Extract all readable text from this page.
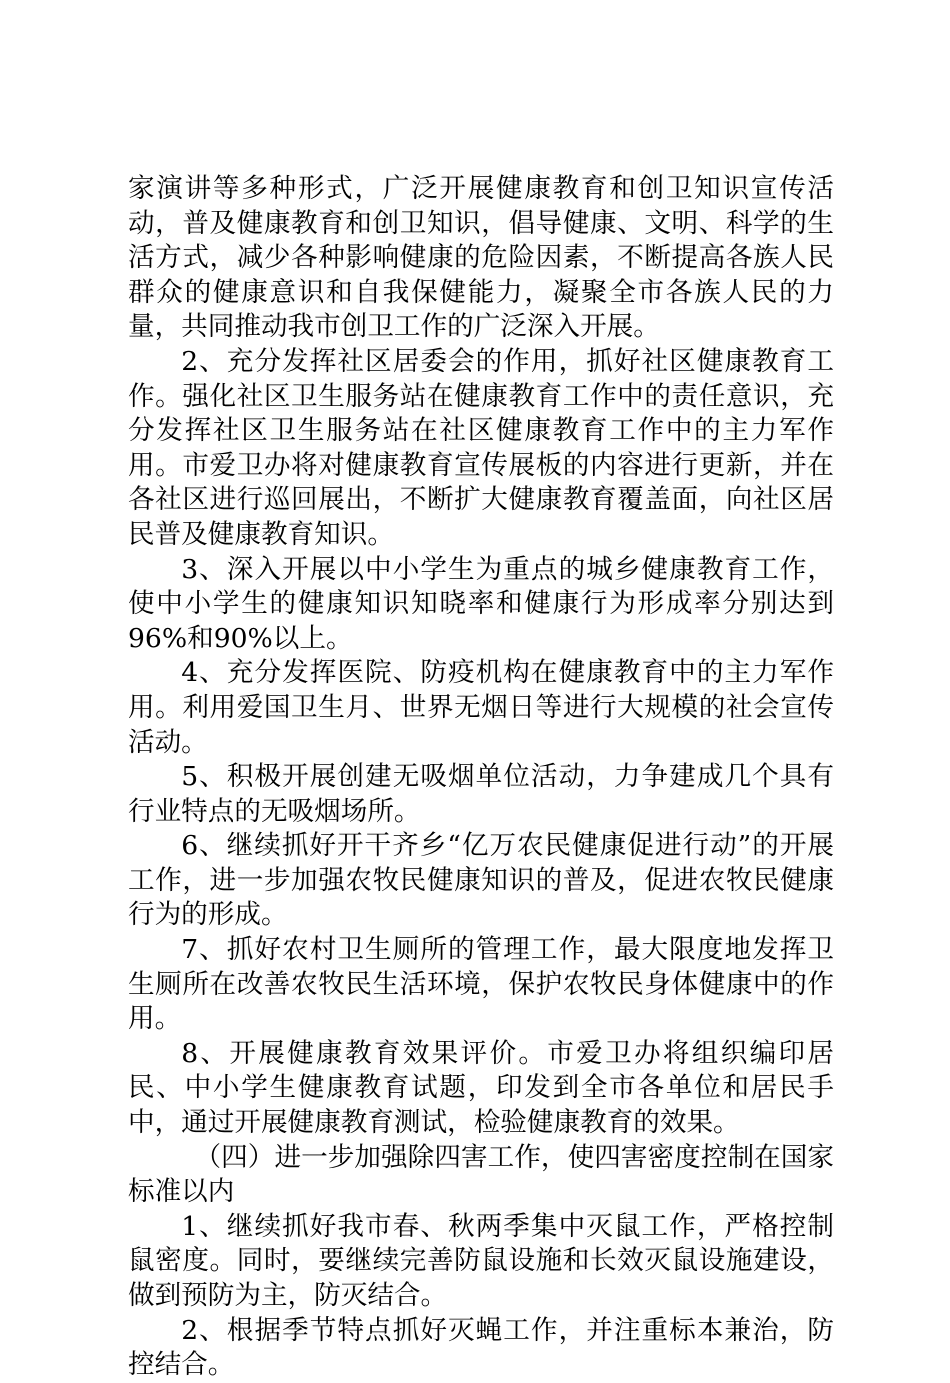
家演讲等多种形式，广泛开展健康教育和创卫知识宣传活动，普及健康教育和创卫知识，倡导健康、文明、科学的生活方式，减少各种影响健康的危险因素，不断提高各族人民群众的健康意识和自我保健能力，凝聚全市各族人民的力量，共同推动我市创卫工作的广泛深入开展。

2、充分发挥社区居委会的作用，抓好社区健康教育工作。强化社区卫生服务站在健康教育工作中的责任意识，充分发挥社区卫生服务站在社区健康教育工作中的主力军作用。市爱卫办将对健康教育宣传展板的内容进行更新，并在各社区进行巡回展出，不断扩大健康教育覆盖面，向社区居民普及健康教育知识。

3、深入开展以中小学生为重点的城乡健康教育工作，使中小学生的健康知识知晓率和健康行为形成率分别达到96%和90%以上。

4、充分发挥医院、防疫机构在健康教育中的主力军作用。利用爱国卫生月、世界无烟日等进行大规模的社会宣传活动。

5、积极开展创建无吸烟单位活动，力争建成几个具有行业特点的无吸烟场所。

6、继续抓好开干齐乡“亿万农民健康促进行动”的开展工作，进一步加强农牧民健康知识的普及，促进农牧民健康行为的形成。

7、抓好农村卫生厕所的管理工作，最大限度地发挥卫生厕所在改善农牧民生活环境，保护农牧民身体健康中的作用。

8、开展健康教育效果评价。市爱卫办将组织编印居民、中小学生健康教育试题，印发到全市各单位和居民手中，通过开展健康教育测试，检验健康教育的效果。

（四）进一步加强除四害工作，使四害密度控制在国家标准以内

1、继续抓好我市春、秋两季集中灭鼠工作，严格控制鼠密度。同时，要继续完善防鼠设施和长效灭鼠设施建设，做到预防为主，防灭结合。

2、根据季节特点抓好灭蝇工作，并注重标本兼治，防控结合。
